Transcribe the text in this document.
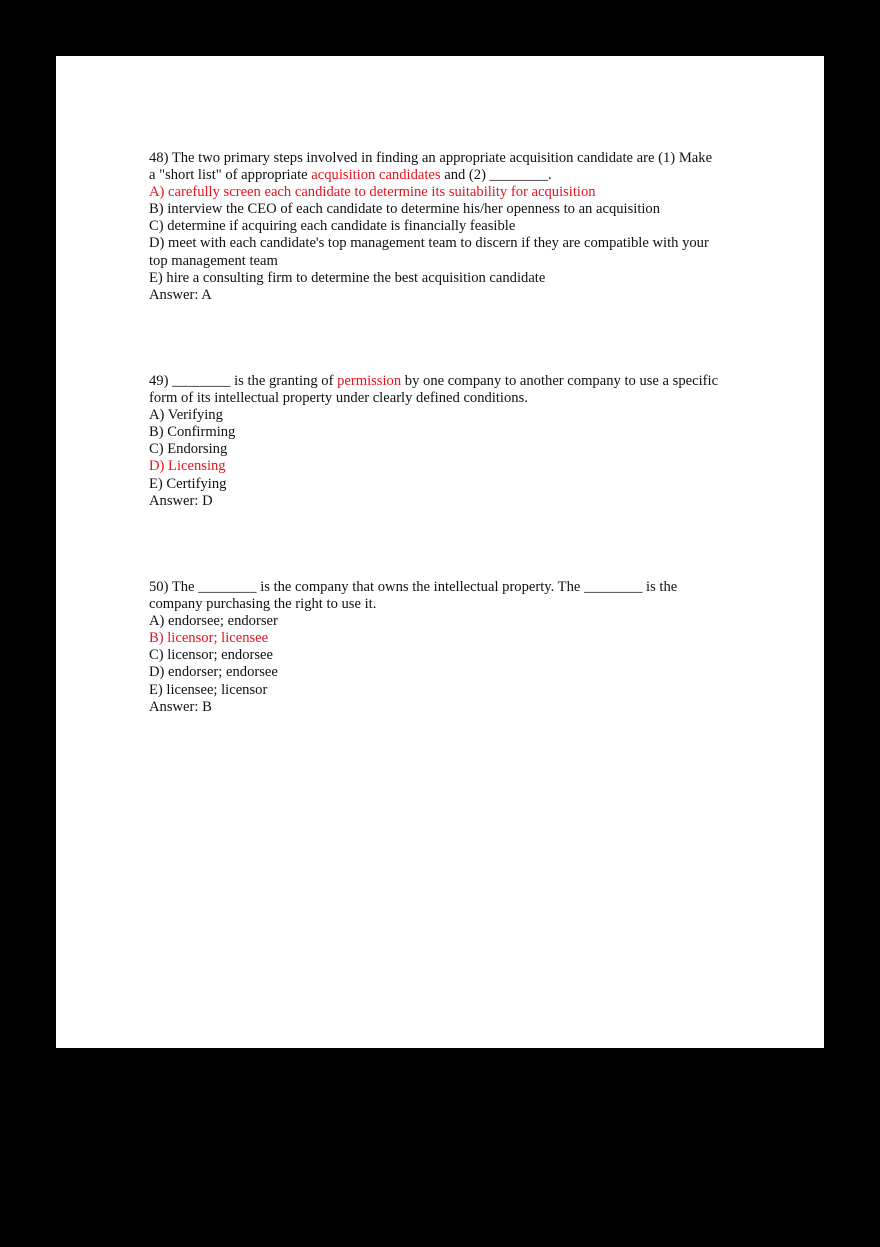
48) The two primary steps involved in finding an appropriate acquisition candidate are (1) Make
a "short list" of appropriate acquisition candidates and (2) ________.
A) carefully screen each candidate to determine its suitability for acquisition
B) interview the CEO of each candidate to determine his/her openness to an acquisition
C) determine if acquiring each candidate is financially feasible
D) meet with each candidate's top management team to discern if they are compatible with your
top management team
E) hire a consulting firm to determine the best acquisition candidate
Answer: A
49) ________ is the granting of permission by one company to another company to use a specific
form of its intellectual property under clearly defined conditions.
A) Verifying
B) Confirming
C) Endorsing
D) Licensing
E) Certifying
Answer: D
50) The ________ is the company that owns the intellectual property. The ________ is the
company purchasing the right to use it.
A) endorsee; endorser
B) licensor; licensee
C) licensor; endorsee
D) endorser; endorsee
E) licensee; licensor
Answer: B
